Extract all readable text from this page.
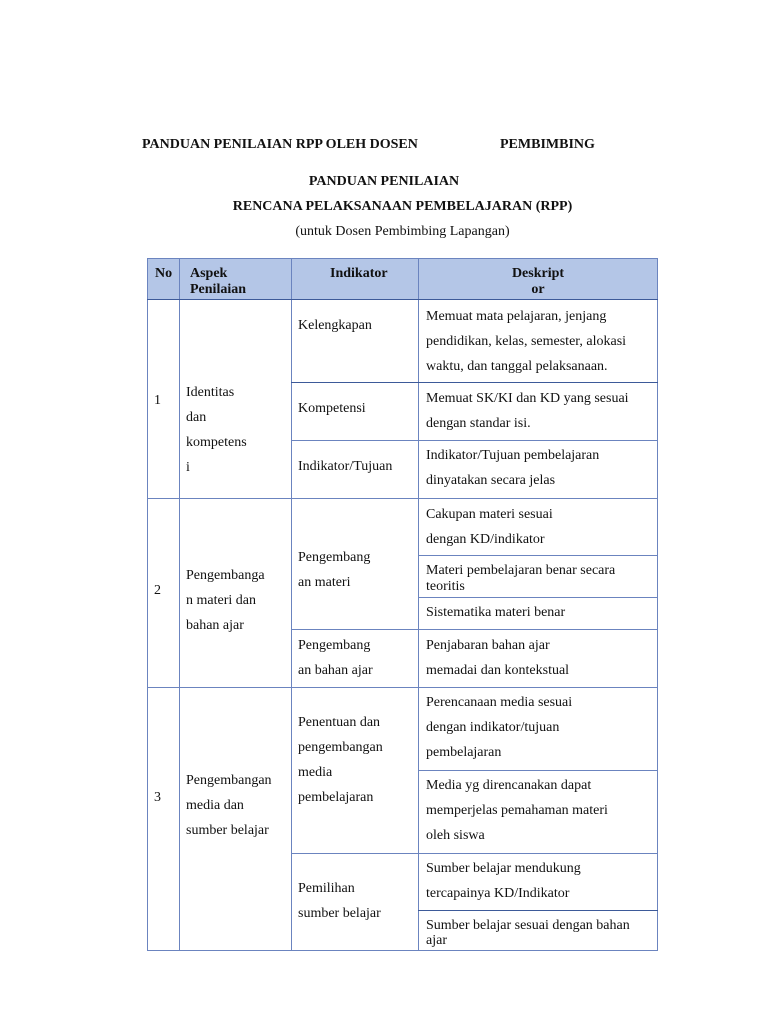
PANDUAN PENILAIAN RPP OLEH DOSEN	PEMBIMBING
PANDUAN PENILAIAN
RENCANA PELAKSANAAN PEMBELAJARAN (RPP)
(untuk Dosen Pembimbing Lapangan)
No Aspek
Penilaian
Indikator	Deskript
or
1
Identitas
dan
kompetens
i
Kelengkapan
Memuat mata pelajaran, jenjang
pendidikan, kelas, semester, alokasi
waktu, dan tanggal pelaksanaan.
Kompetensi
Memuat SK/KI dan KD yang sesuai
dengan standar isi.
Indikator/Tujuan
Indikator/Tujuan pembelajaran
dinyatakan secara jelas
2
Pengembanga
n materi dan
bahan ajar
Pengembang
an materi
Cakupan materi sesuai
dengan KD/indikator
Materi pembelajaran benar secara
teoritis
Sistematika materi benar
Pengembang
an bahan ajar
Penjabaran bahan ajar
memadai dan kontekstual
3
Pengembangan
media dan
sumber belajar
Penentuan dan
pengembangan
media
pembelajaran
Perencanaan media sesuai
dengan indikator/tujuan
pembelajaran
Media yg direncanakan dapat
memperjelas pemahaman materi
oleh siswa
Pemilihan
sumber belajar
Sumber belajar mendukung
tercapainya KD/Indikator
Sumber belajar sesuai dengan bahan
ajar
